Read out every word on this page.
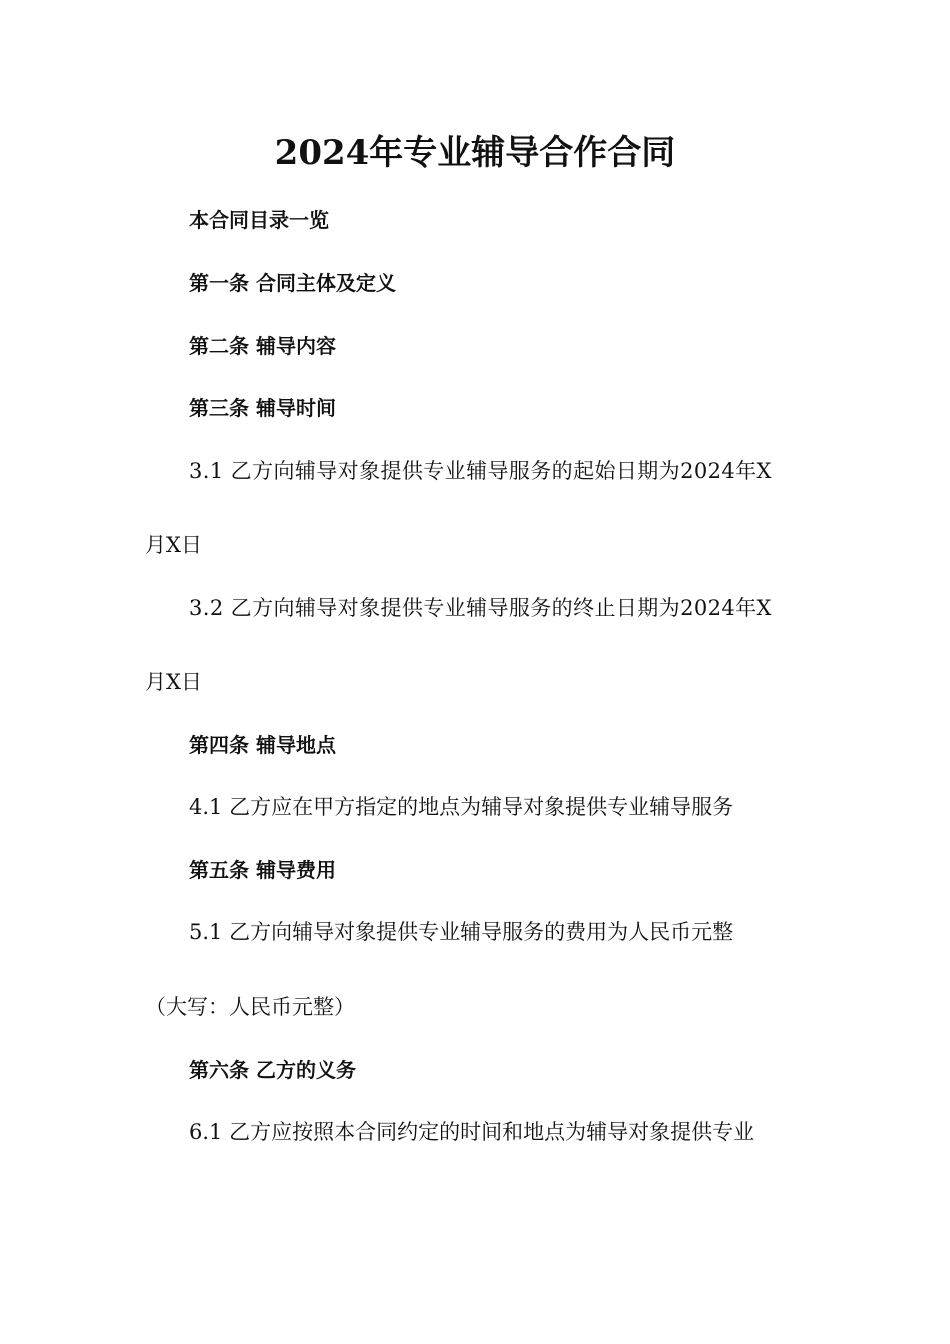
2024年专业辅导合作合同

本合同目录一览

第一条 合同主体及定义

第二条 辅导内容

第三条 辅导时间

3.1 乙方向辅导对象提供专业辅导服务的起始日期为2024年X

月X日

3.2 乙方向辅导对象提供专业辅导服务的终止日期为2024年X

月X日

第四条 辅导地点

4.1 乙方应在甲方指定的地点为辅导对象提供专业辅导服务

第五条 辅导费用

5.1 乙方向辅导对象提供专业辅导服务的费用为人民币元整

（大写：人民币元整）

第六条 乙方的义务

6.1 乙方应按照本合同约定的时间和地点为辅导对象提供专业
